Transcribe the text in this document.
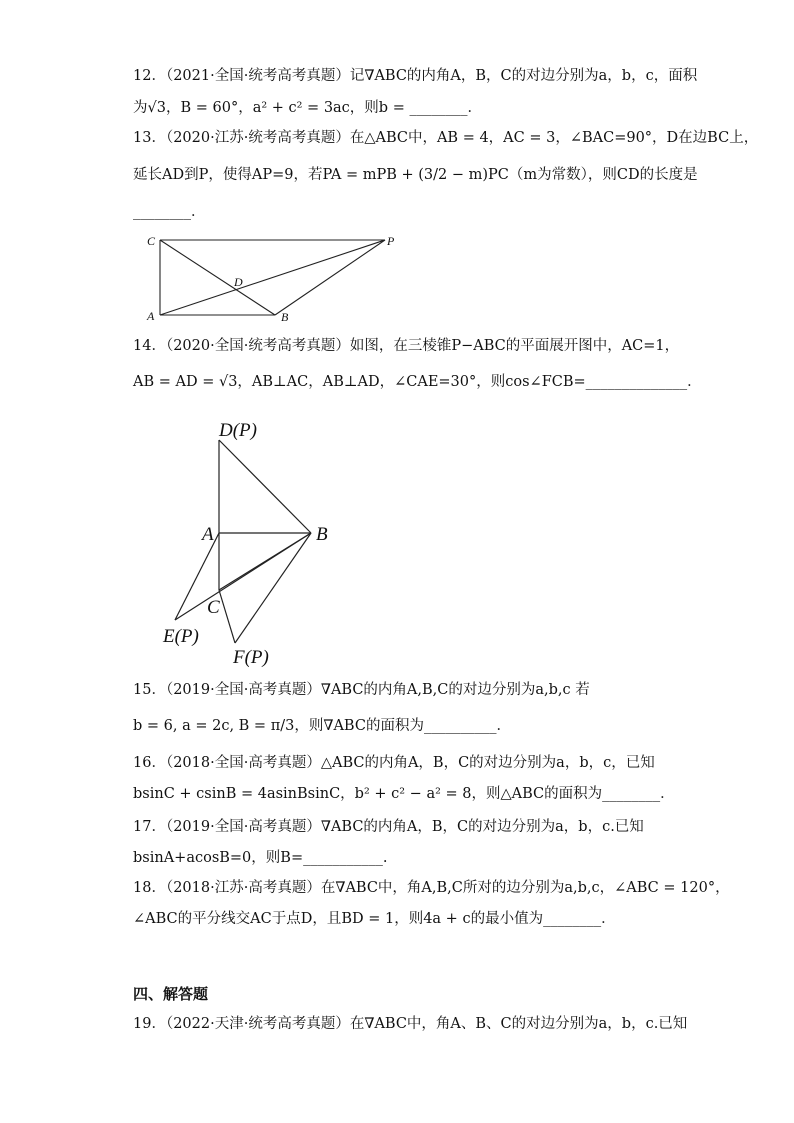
12．（2021·全国·统考高考真题）记∇ABC的内角A，B，C的对边分别为a，b，c，面积
为√3，B = 60°，a² + c² = 3ac，则b = ________．
13．（2020·江苏·统考高考真题）在△ABC中，AB = 4，AC = 3，∠BAC=90°，D在边BC上，
延长AD到P，使得AP=9，若PA = mPB + (3/2 − m)PC（m为常数），则CD的长度是
________．
C	P
D
A	B
14．（2020·全国·统考高考真题）如图，在三棱锥P−ABC的平面展开图中，AC=1，
AB = AD = √3，AB⊥AC，AB⊥AD，∠CAE=30°，则cos∠FCB=______________．
D(P)
A	B
C
E(P)
F(P)
15．（2019·全国·高考真题）∇ABC的内角A,B,C的对边分别为a,b,c 若
b = 6, a = 2c, B = π/3，则∇ABC的面积为__________．
16．（2018·全国·高考真题）△ABC的内角A，B，C的对边分别为a，b，c，已知
bsinC + csinB = 4asinBsinC，b² + c² − a² = 8，则△ABC的面积为________．
17．（2019·全国·高考真题）∇ABC的内角A，B，C的对边分别为a，b，c.已知
bsinA+acosB=0，则B=___________.
18．（2018·江苏·高考真题）在∇ABC中，角A,B,C所对的边分别为a,b,c，∠ABC = 120°，
∠ABC的平分线交AC于点D，且BD = 1，则4a + c的最小值为________．
四、解答题
19．（2022·天津·统考高考真题）在∇ABC中，角A、B、C的对边分别为a，b，c.已知
